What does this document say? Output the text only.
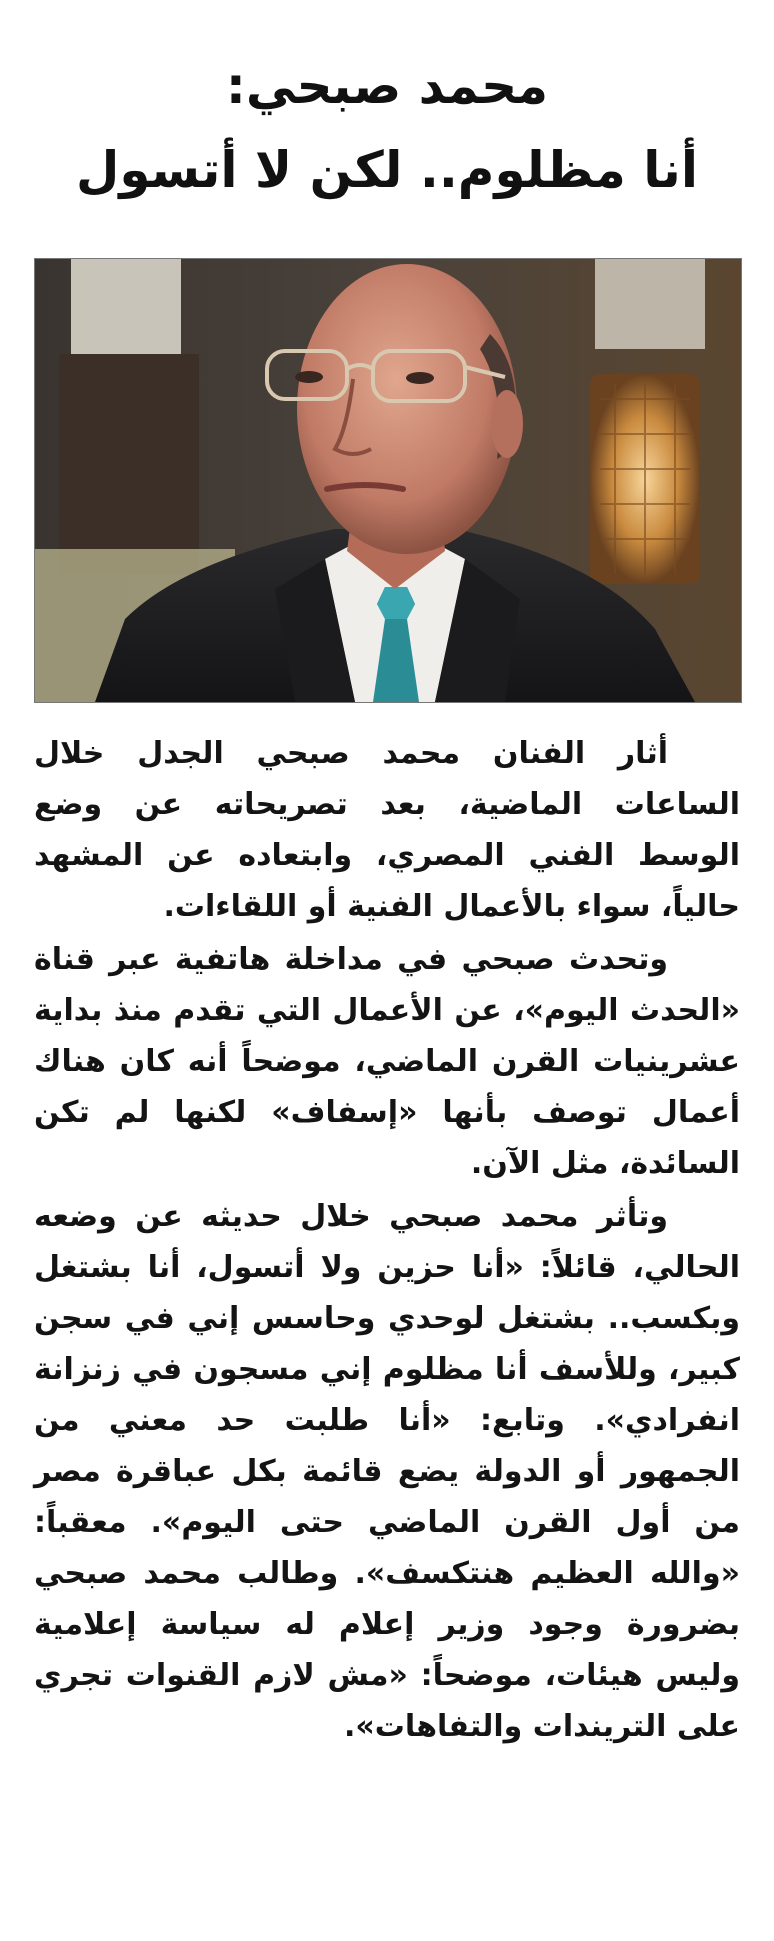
محمد صبحي:
أنا مظلوم.. لكن لا أتسول

أثار الفنان محمد صبحي الجدل خلال الساعات الماضية، بعد تصريحاته عن وضع الوسط الفني المصري، وابتعاده عن المشهد حالياً، سواء بالأعمال الفنية أو اللقاءات.

وتحدث صبحي في مداخلة هاتفية عبر قناة «الحدث اليوم»، عن الأعمال التي تقدم منذ بداية عشرينيات القرن الماضي، موضحاً أنه كان هناك أعمال توصف بأنها «إسفاف» لكنها لم تكن السائدة، مثل الآن.

وتأثر محمد صبحي خلال حديثه عن وضعه الحالي، قائلاً: «أنا حزين ولا أتسول، أنا بشتغل وبكسب.. بشتغل لوحدي وحاسس إني في سجن كبير، وللأسف أنا مظلوم إني مسجون في زنزانة انفرادي». وتابع: «أنا طلبت حد معني من الجمهور أو الدولة يضع قائمة بكل عباقرة مصر من أول القرن الماضي حتى اليوم». معقباً: «والله العظيم هنتكسف». وطالب محمد صبحي بضرورة وجود وزير إعلام له سياسة إعلامية وليس هيئات، موضحاً: «مش لازم القنوات تجري على التريندات والتفاهات».
